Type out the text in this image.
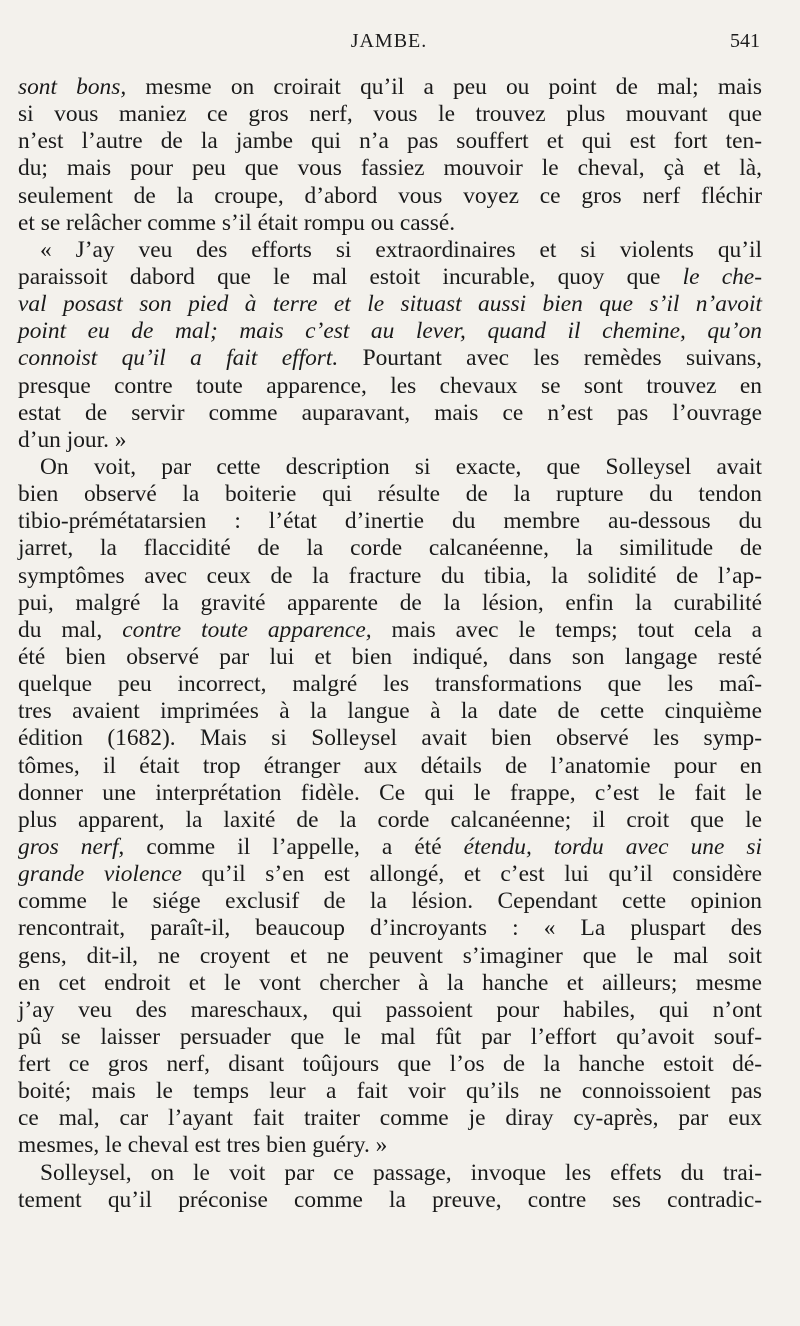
JAMBE.	541
sont bons, mesme on croirait qu’il a peu ou point de mal; mais
si vous maniez ce gros nerf, vous le trouvez plus mouvant que
n’est l’autre de la jambe qui n’a pas souffert et qui est fort ten-
du; mais pour peu que vous fassiez mouvoir le cheval, çà et là,
seulement de la croupe, d’abord vous voyez ce gros nerf fléchir
et se relâcher comme s’il était rompu ou cassé.
« J’ay veu des efforts si extraordinaires et si violents qu’il
paraissoit dabord que le mal estoit incurable, quoy que le che-
val posast son pied à terre et le situast aussi bien que s’il n’avoit
point eu de mal; mais c’est au lever, quand il chemine, qu’on
connoist qu’il a fait effort. Pourtant avec les remèdes suivans,
presque contre toute apparence, les chevaux se sont trouvez en
estat de servir comme auparavant, mais ce n’est pas l’ouvrage
d’un jour. »
On voit, par cette description si exacte, que Solleysel avait
bien observé la boiterie qui résulte de la rupture du tendon
tibio-prémétatarsien : l’état d’inertie du membre au-dessous du
jarret, la flaccidité de la corde calcanéenne, la similitude de
symptômes avec ceux de la fracture du tibia, la solidité de l’ap-
pui, malgré la gravité apparente de la lésion, enfin la curabilité
du mal, contre toute apparence, mais avec le temps; tout cela a
été bien observé par lui et bien indiqué, dans son langage resté
quelque peu incorrect, malgré les transformations que les maî-
tres avaient imprimées à la langue à la date de cette cinquième
édition (1682). Mais si Solleysel avait bien observé les symp-
tômes, il était trop étranger aux détails de l’anatomie pour en
donner une interprétation fidèle. Ce qui le frappe, c’est le fait le
plus apparent, la laxité de la corde calcanéenne; il croit que le
gros nerf, comme il l’appelle, a été étendu, tordu avec une si
grande violence qu’il s’en est allongé, et c’est lui qu’il considère
comme le siége exclusif de la lésion. Cependant cette opinion
rencontrait, paraît-il, beaucoup d’incroyants : « La pluspart des
gens, dit-il, ne croyent et ne peuvent s’imaginer que le mal soit
en cet endroit et le vont chercher à la hanche et ailleurs; mesme
j’ay veu des mareschaux, qui passoient pour habiles, qui n’ont
pû se laisser persuader que le mal fût par l’effort qu’avoit souf-
fert ce gros nerf, disant toûjours que l’os de la hanche estoit dé-
boité; mais le temps leur a fait voir qu’ils ne connoissoient pas
ce mal, car l’ayant fait traiter comme je diray cy-après, par eux
mesmes, le cheval est tres bien guéry. »
Solleysel, on le voit par ce passage, invoque les effets du trai-
tement qu’il préconise comme la preuve, contre ses contradic-
